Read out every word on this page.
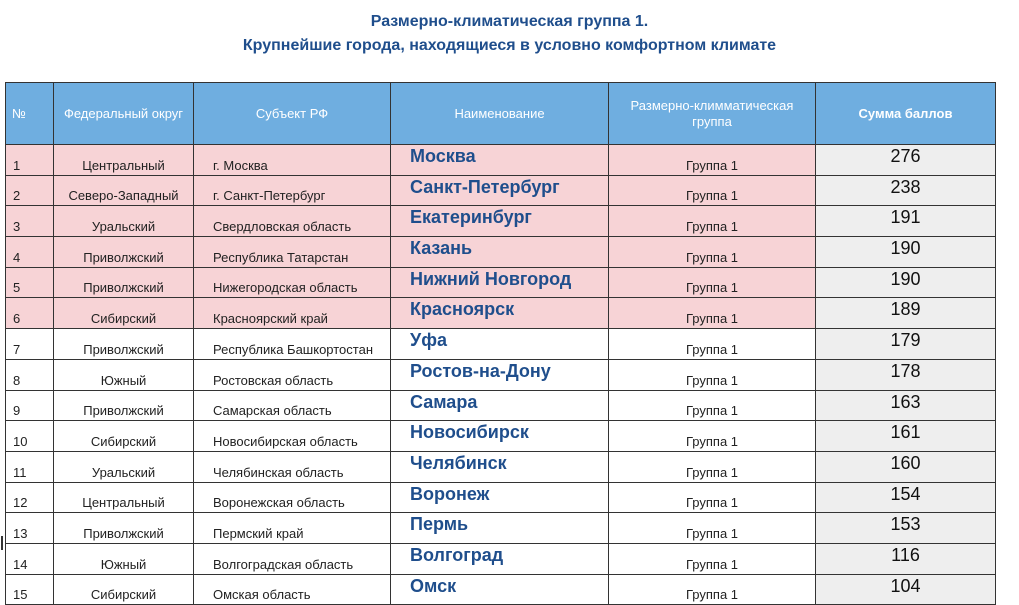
Размерно-климатическая группа 1.
Крупнейшие города, находящиеся в условно комфортном климате
№	Федеральный округ	Субъект РФ	Наименование	Размерно-климматическая группа	Сумма баллов
1	Центральный	г. Москва	Москва	Группа 1	276
2	Северо-Западный	г. Санкт-Петербург	Санкт-Петербург	Группа 1	238
3	Уральский	Свердловская область	Екатеринбург	Группа 1	191
4	Приволжский	Республика Татарстан	Казань	Группа 1	190
5	Приволжский	Нижегородская область	Нижний Новгород	Группа 1	190
6	Сибирский	Красноярский край	Красноярск	Группа 1	189
7	Приволжский	Республика Башкортостан	Уфа	Группа 1	179
8	Южный	Ростовская область	Ростов-на-Дону	Группа 1	178
9	Приволжский	Самарская область	Самара	Группа 1	163
10	Сибирский	Новосибирская область	Новосибирск	Группа 1	161
11	Уральский	Челябинская область	Челябинск	Группа 1	160
12	Центральный	Воронежская область	Воронеж	Группа 1	154
13	Приволжский	Пермский край	Пермь	Группа 1	153
14	Южный	Волгоградская область	Волгоград	Группа 1	116
15	Сибирский	Омская область	Омск	Группа 1	104
